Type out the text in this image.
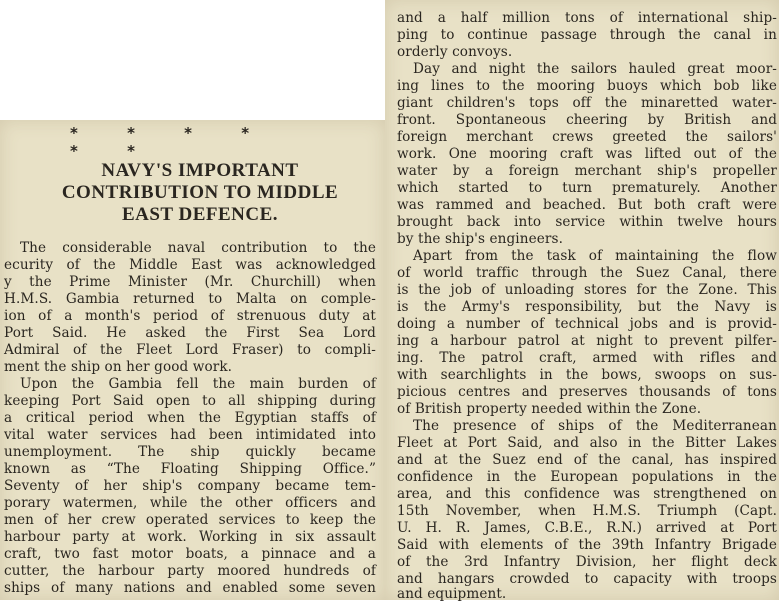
* * * * * *
NAVY'S IMPORTANT
CONTRIBUTION TO MIDDLE
EAST DEFENCE.
The considerable naval contribution to the
ecurity of the Middle East was acknowledged
y the Prime Minister (Mr. Churchill) when
H.M.S. Gambia returned to Malta on comple-
ion of a month's period of strenuous duty at
Port Said. He asked the First Sea Lord
Admiral of the Fleet Lord Fraser) to compli-
ment the ship on her good work.
Upon the Gambia fell the main burden of
keeping Port Said open to all shipping during
a critical period when the Egyptian staffs of
vital water services had been intimidated into
unemployment. The ship quickly became
known as “The Floating Shipping Office.”
Seventy of her ship's company became tem-
porary watermen, while the other officers and
men of her crew operated services to keep the
harbour party at work. Working in six assault
craft, two fast motor boats, a pinnace and a
cutter, the harbour party moored hundreds of
ships of many nations and enabled some seven
and a half million tons of international ship-
ping to continue passage through the canal in
orderly convoys.
Day and night the sailors hauled great moor-
ing lines to the mooring buoys which bob like
giant children's tops off the minaretted water-
front. Spontaneous cheering by British and
foreign merchant crews greeted the sailors'
work. One mooring craft was lifted out of the
water by a foreign merchant ship's propeller
which started to turn prematurely. Another
was rammed and beached. But both craft were
brought back into service within twelve hours
by the ship's engineers.
Apart from the task of maintaining the flow
of world traffic through the Suez Canal, there
is the job of unloading stores for the Zone. This
is the Army's responsibility, but the Navy is
doing a number of technical jobs and is provid-
ing a harbour patrol at night to prevent pilfer-
ing. The patrol craft, armed with rifles and
with searchlights in the bows, swoops on sus-
picious centres and preserves thousands of tons
of British property needed within the Zone.
The presence of ships of the Mediterranean
Fleet at Port Said, and also in the Bitter Lakes
and at the Suez end of the canal, has inspired
confidence in the European populations in the
area, and this confidence was strengthened on
15th November, when H.M.S. Triumph (Capt.
U. H. R. James, C.B.E., R.N.) arrived at Port
Said with elements of the 39th Infantry Brigade
of the 3rd Infantry Division, her flight deck
and hangars crowded to capacity with troops
and equipment.
